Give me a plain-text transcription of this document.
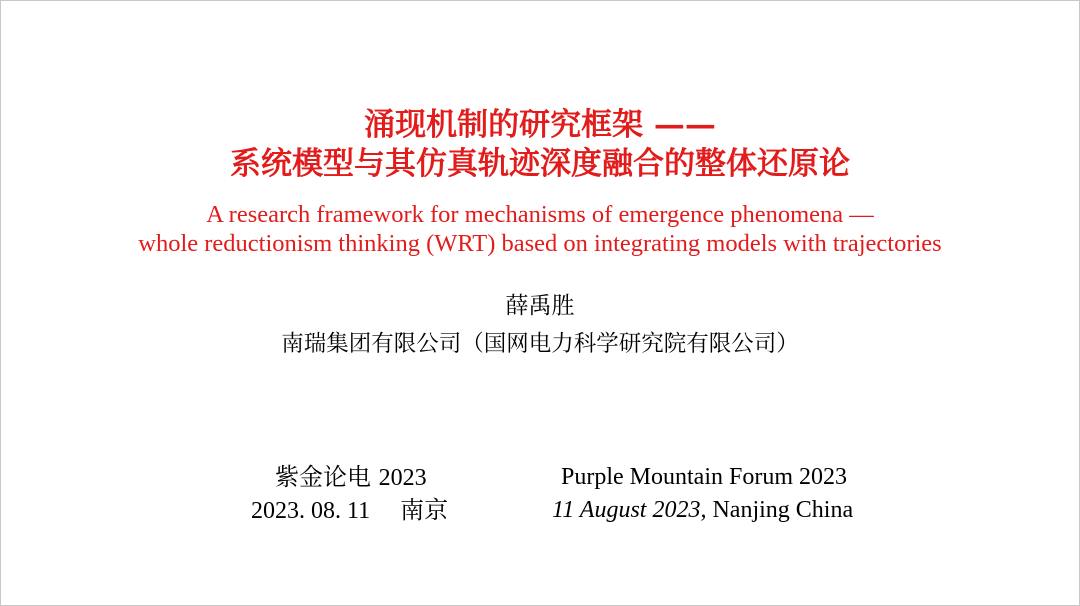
涌现机制的研究框架 ——
系统模型与其仿真轨迹深度融合的整体还原论
A research framework for mechanisms of emergence phenomena —
whole reductionism thinking (WRT) based on integrating models with trajectories
薛禹胜
南瑞集团有限公司（国网电力科学研究院有限公司）
紫金论电 2023
2023. 08. 11 南京
Purple Mountain Forum 2023
11 August 2023, Nanjing China
